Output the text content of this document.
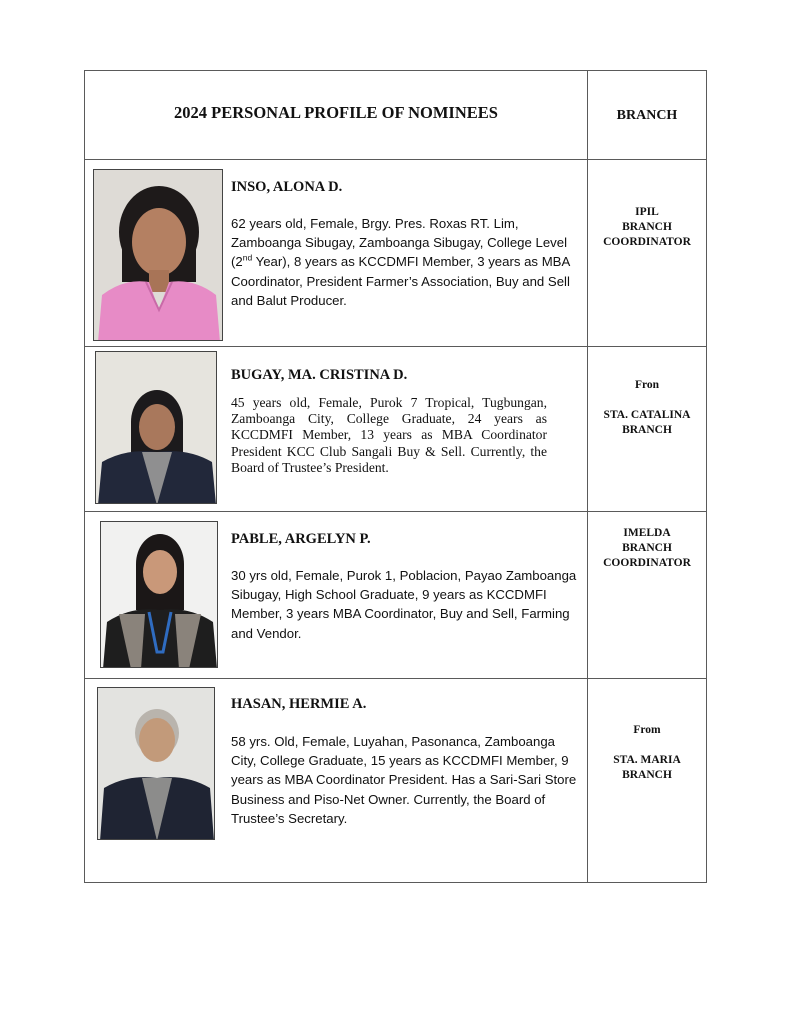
2024 PERSONAL PROFILE OF NOMINEES	BRANCH
INSO, ALONA D.
62 years old, Female, Brgy. Pres. Roxas RT. Lim, Zamboanga Sibugay, Zamboanga Sibugay, College Level (2nd Year), 8 years as KCCDMFI Member, 3 years as MBA Coordinator, President Farmer’s Association, Buy and Sell and Balut Producer.
IPIL
BRANCH
COORDINATOR
BUGAY, MA. CRISTINA D.
45 years old, Female, Purok 7 Tropical, Tugbungan, Zamboanga City, College Graduate, 24 years as KCCDMFI Member, 13 years as MBA Coordinator President KCC Club Sangali Buy & Sell. Currently, the Board of Trustee’s President.
Fron
STA. CATALINA
BRANCH
PABLE, ARGELYN P.
30 yrs old, Female, Purok 1, Poblacion, Payao Zamboanga Sibugay, High School Graduate, 9 years as KCCDMFI Member, 3 years MBA Coordinator, Buy and Sell, Farming and Vendor.
IMELDA
BRANCH
COORDINATOR
HASAN, HERMIE A.
58 yrs. Old, Female, Luyahan, Pasonanca, Zamboanga City, College Graduate, 15 years as KCCDMFI Member, 9 years as MBA Coordinator President. Has a Sari-Sari Store Business and Piso-Net Owner. Currently, the Board of Trustee’s Secretary.
From
STA. MARIA
BRANCH
